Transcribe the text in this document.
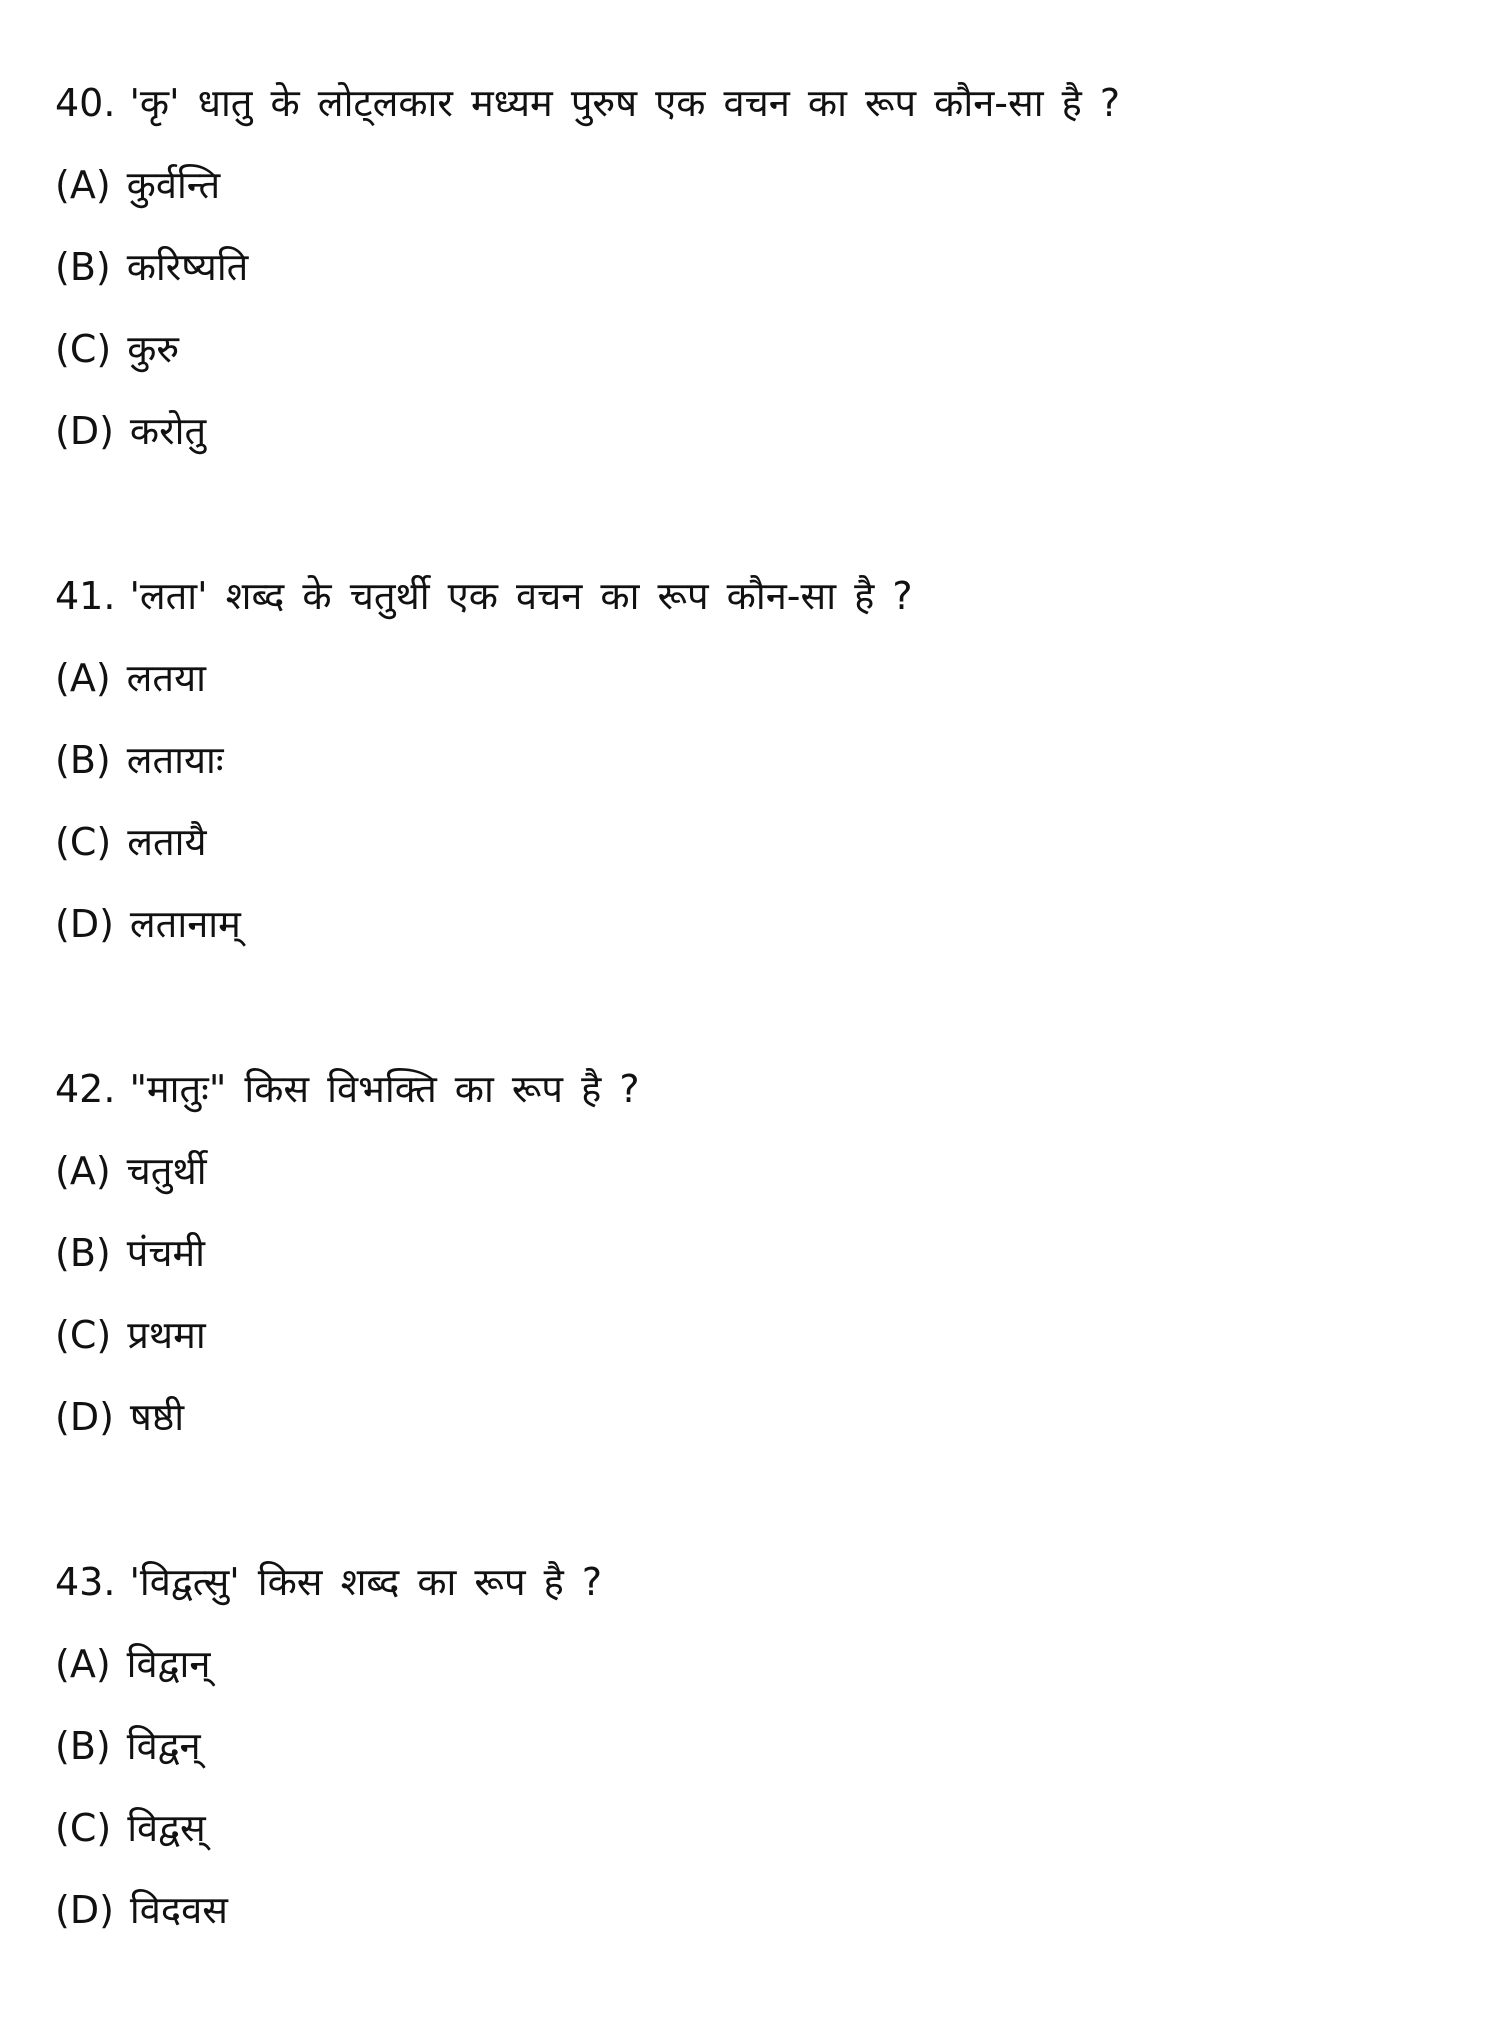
40. 'कृ' धातु के लोट्लकार मध्यम पुरुष एक वचन का रूप कौन-सा है ?
(A) कुर्वन्ति
(B) करिष्यति
(C) कुरु
(D) करोतु
41. 'लता' शब्द के चतुर्थी एक वचन का रूप कौन-सा है ?
(A) लतया
(B) लतायाः
(C) लतायै
(D) लतानाम्
42. "मातुः" किस विभक्ति का रूप है ?
(A) चतुर्थी
(B) पंचमी
(C) प्रथमा
(D) षष्ठी
43. 'विद्वत्सु' किस शब्द का रूप है ?
(A) विद्वान्
(B) विद्वन्
(C) विद्वस्
(D) विदवस
